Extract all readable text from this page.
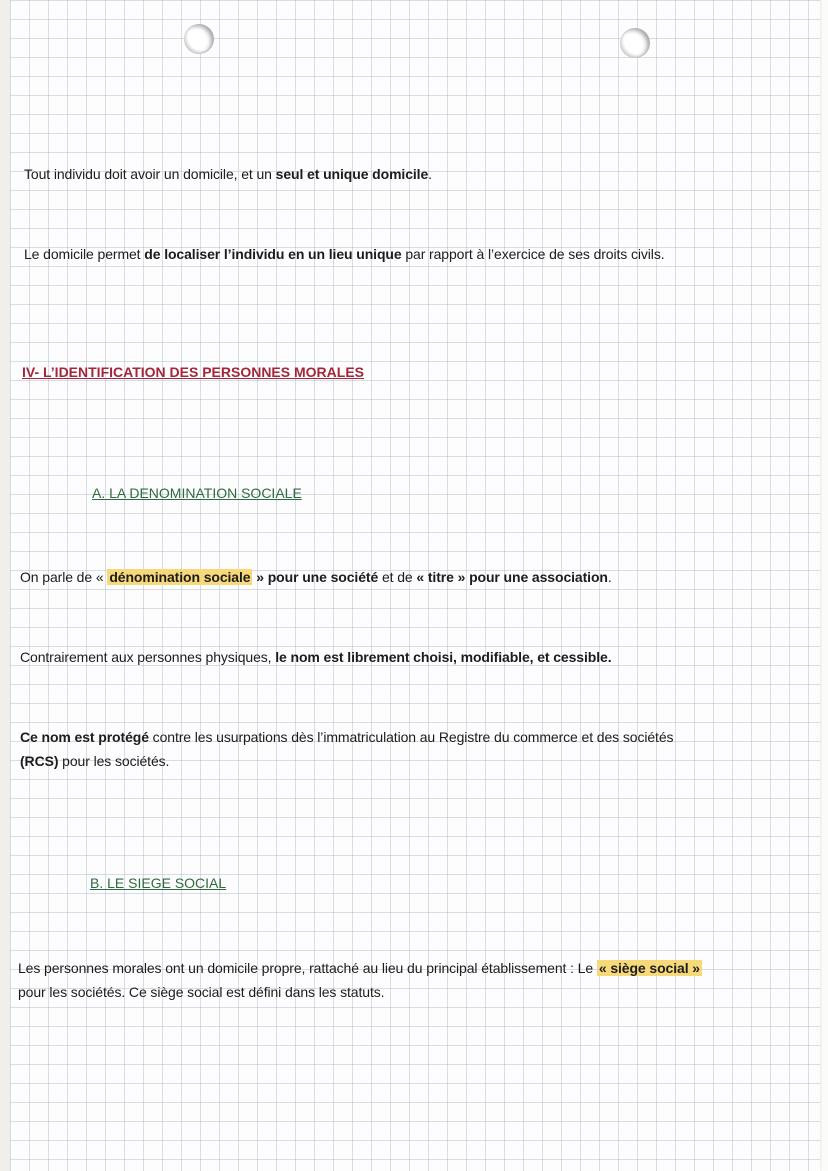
Tout individu doit avoir un domicile, et un seul et unique domicile.
Le domicile permet de localiser l’individu en un lieu unique par rapport à l’exercice de ses droits civils.
IV- L’IDENTIFICATION DES PERSONNES MORALES
A. LA DENOMINATION SOCIALE
On parle de « dénomination sociale » pour une société et de « titre » pour une association.
Contrairement aux personnes physiques, le nom est librement choisi, modifiable, et cessible.
Ce nom est protégé contre les usurpations dès l’immatriculation au Registre du commerce et des sociétés
(RCS) pour les sociétés.
B. LE SIEGE SOCIAL
Les personnes morales ont un domicile propre, rattaché au lieu du principal établissement : Le « siège social »
pour les sociétés. Ce siège social est défini dans les statuts.
